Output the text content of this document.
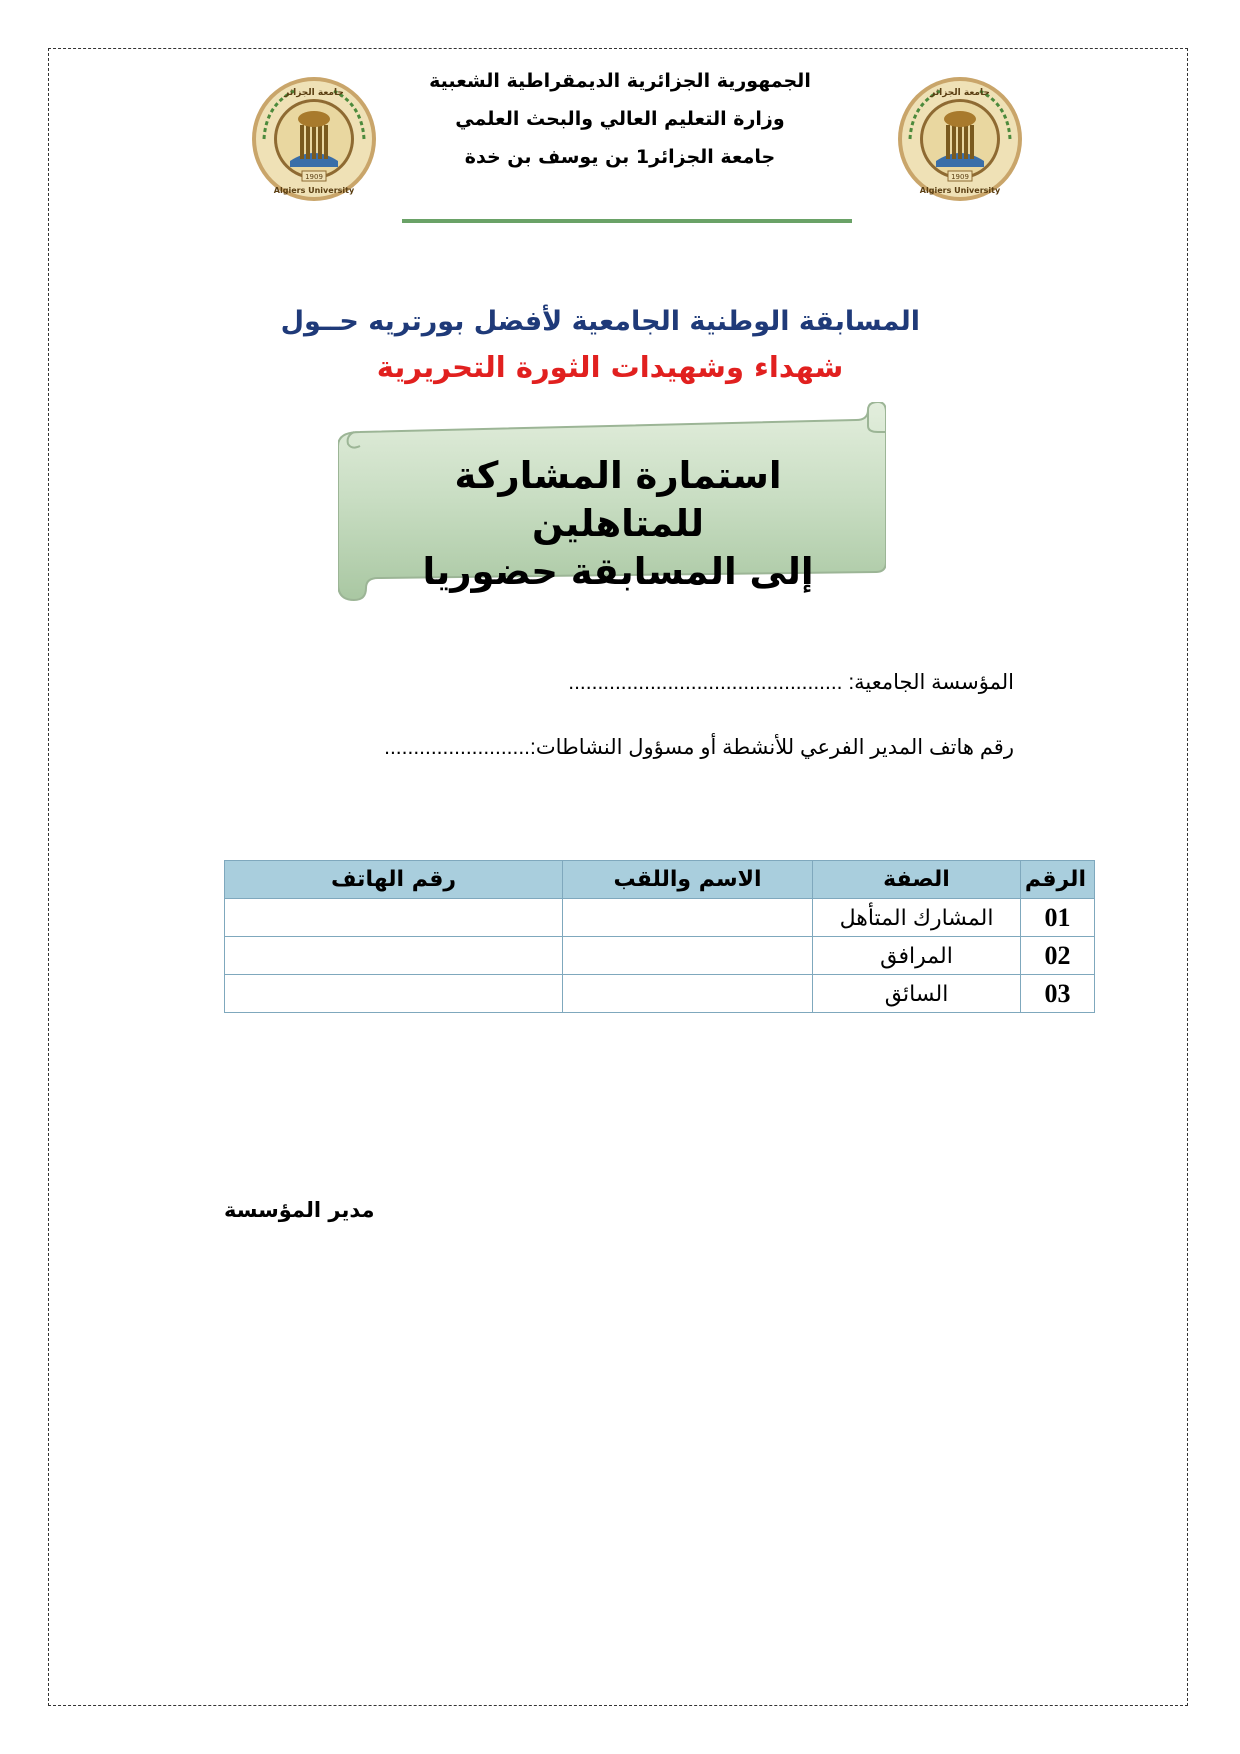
1909
جامعة الجزائر
Algiers University
1909
جامعة الجزائر
Algiers University
الجمهورية الجزائرية الديمقراطية الشعبية
وزارة التعليم العالي والبحث العلمي
جامعة الجزائر1 بن يوسف بن خدة
المسابقة الوطنية الجامعية لأفضل بورتريه حــول
شهداء وشهيدات الثورة التحريرية
استمارة المشاركة للمتاهلين
إلى المسابقة حضوريا
المؤسسة الجامعية: ...............................................
رقم هاتف المدير الفرعي للأنشطة أو مسؤول النشاطات:.........................
الرقم	الصفة	الاسم واللقب	رقم الهاتف
01	المشارك المتأهل		
02	المرافق		
03	السائق		
مدير المؤسسة
